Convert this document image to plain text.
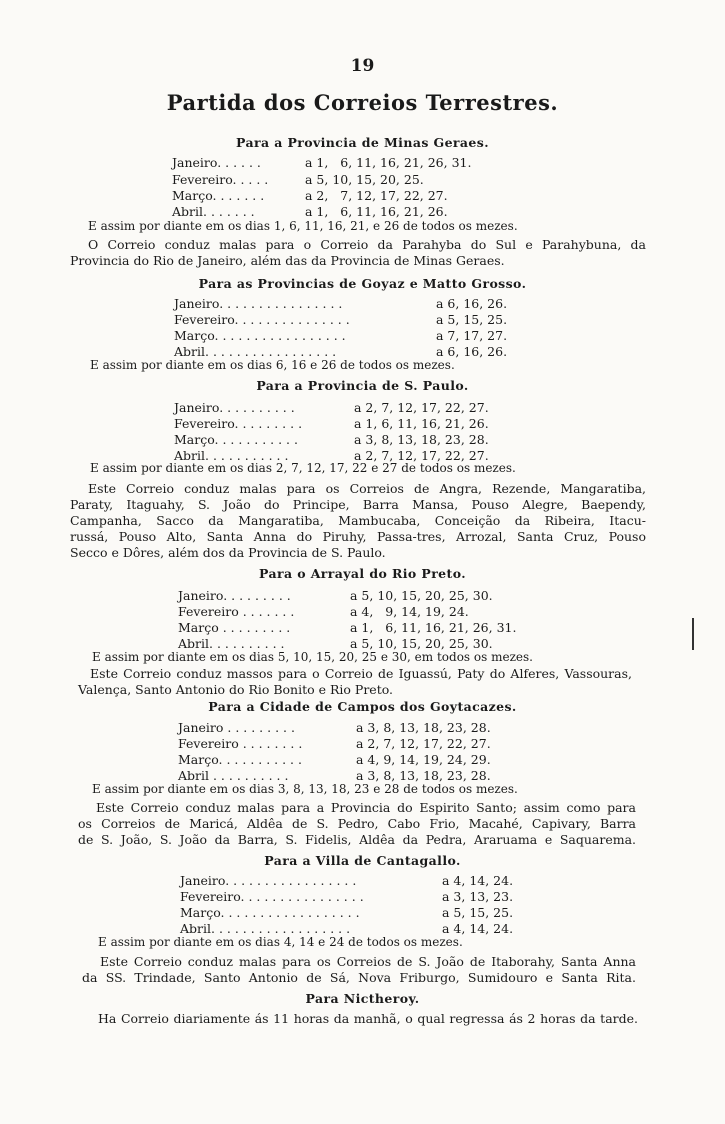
19
Partida dos Correios Terrestres.
Para a Provincia de Minas Geraes.
Janeiro. . . . . .	a 1,   6, 11, 16, 21, 26, 31.
Fevereiro. . . . .	a 5, 10, 15, 20, 25.
Março. . . . . . .	a 2,   7, 12, 17, 22, 27.
Abril. . . . . . .	a 1,   6, 11, 16, 21, 26.
E assim por diante em os dias 1, 6, 11, 16, 21, e 26 de todos os mezes.
O Correio conduz malas para o Correio da Parahyba do Sul e Parahybuna, da
Provincia do Rio de Janeiro, além das da Provincia de Minas Geraes.
Para as Provincias de Goyaz e Matto Grosso.
Janeiro. . . . . . . . . . . . . . . .	a 6, 16, 26.
Fevereiro. . . . . . . . . . . . . . .	a 5, 15, 25.
Março. . . . . . . . . . . . . . . . .	a 7, 17, 27.
Abril. . . . . . . . . . . . . . . . .	a 6, 16, 26.
E assim por diante em os dias 6, 16 e 26 de todos os mezes.
Para a Provincia de S. Paulo.
Janeiro. . . . . . . . . .	a 2, 7, 12, 17, 22, 27.
Fevereiro. . . . . . . . .	a 1, 6, 11, 16, 21, 26.
Março. . . . . . . . . . .	a 3, 8, 13, 18, 23, 28.
Abril. . . . . . . . . . .	a 2, 7, 12, 17, 22, 27.
E assim por diante em os dias 2, 7, 12, 17, 22 e 27 de todos os mezes.
Este Correio conduz malas para os Correios de Angra, Rezende, Mangaratiba,
Paraty, Itaguahy, S. João do Principe, Barra Mansa, Pouso Alegre, Baependy,
Campanha, Sacco da Mangaratiba, Mambucaba, Conceição da Ribeira, Itacu-
russá, Pouso Alto, Santa Anna do Piruhy, Passa-tres, Arrozal, Santa Cruz, Pouso
Secco e Dôres, além dos da Provincia de S. Paulo.
Para o Arrayal do Rio Preto.
Janeiro. . . . . . . . .	a 5, 10, 15, 20, 25, 30.
Fevereiro . . . . . . .	a 4,   9, 14, 19, 24.
Março . . . . . . . . .	a 1,   6, 11, 16, 21, 26, 31.
Abril. . . . . . . . . .	a 5, 10, 15, 20, 25, 30.
E assim por diante em os dias 5, 10, 15, 20, 25 e 30, em todos os mezes.
Este Correio conduz massos para o Correio de Iguassú, Paty do Alferes, Vassouras,
Valença, Santo Antonio do Rio Bonito e Rio Preto.
Para a Cidade de Campos dos Goytacazes.
Janeiro . . . . . . . . .	a 3, 8, 13, 18, 23, 28.
Fevereiro . . . . . . . .	a 2, 7, 12, 17, 22, 27.
Março. . . . . . . . . . .	a 4, 9, 14, 19, 24, 29.
Abril . . . . . . . . . .	a 3, 8, 13, 18, 23, 28.
E assim por diante em os dias 3, 8, 13, 18, 23 e 28 de todos os mezes.
Este Correio conduz malas para a Provincia do Espirito Santo; assim como para
os Correios de Maricá, Aldêa de S. Pedro, Cabo Frio, Macahé, Capivary, Barra
de S. João, S. João da Barra, S. Fidelis, Aldêa da Pedra, Araruama e Saquarema.
Para a Villa de Cantagallo.
Janeiro. . . . . . . . . . . . . . . . .	a 4, 14, 24.
Fevereiro. . . . . . . . . . . . . . . .	a 3, 13, 23.
Março. . . . . . . . . . . . . . . . . .	a 5, 15, 25.
Abril. . . . . . . . . . . . . . . . . .	a 4, 14, 24.
E assim por diante em os dias 4, 14 e 24 de todos os mezes.
Este Correio conduz malas para os Correios de S. João de Itaborahy, Santa Anna
da SS. Trindade, Santo Antonio de Sá, Nova Friburgo, Sumidouro e Santa Rita.
Para Nictheroy.
Ha Correio diariamente ás 11 horas da manhã, o qual regressa ás 2 horas da tarde.
